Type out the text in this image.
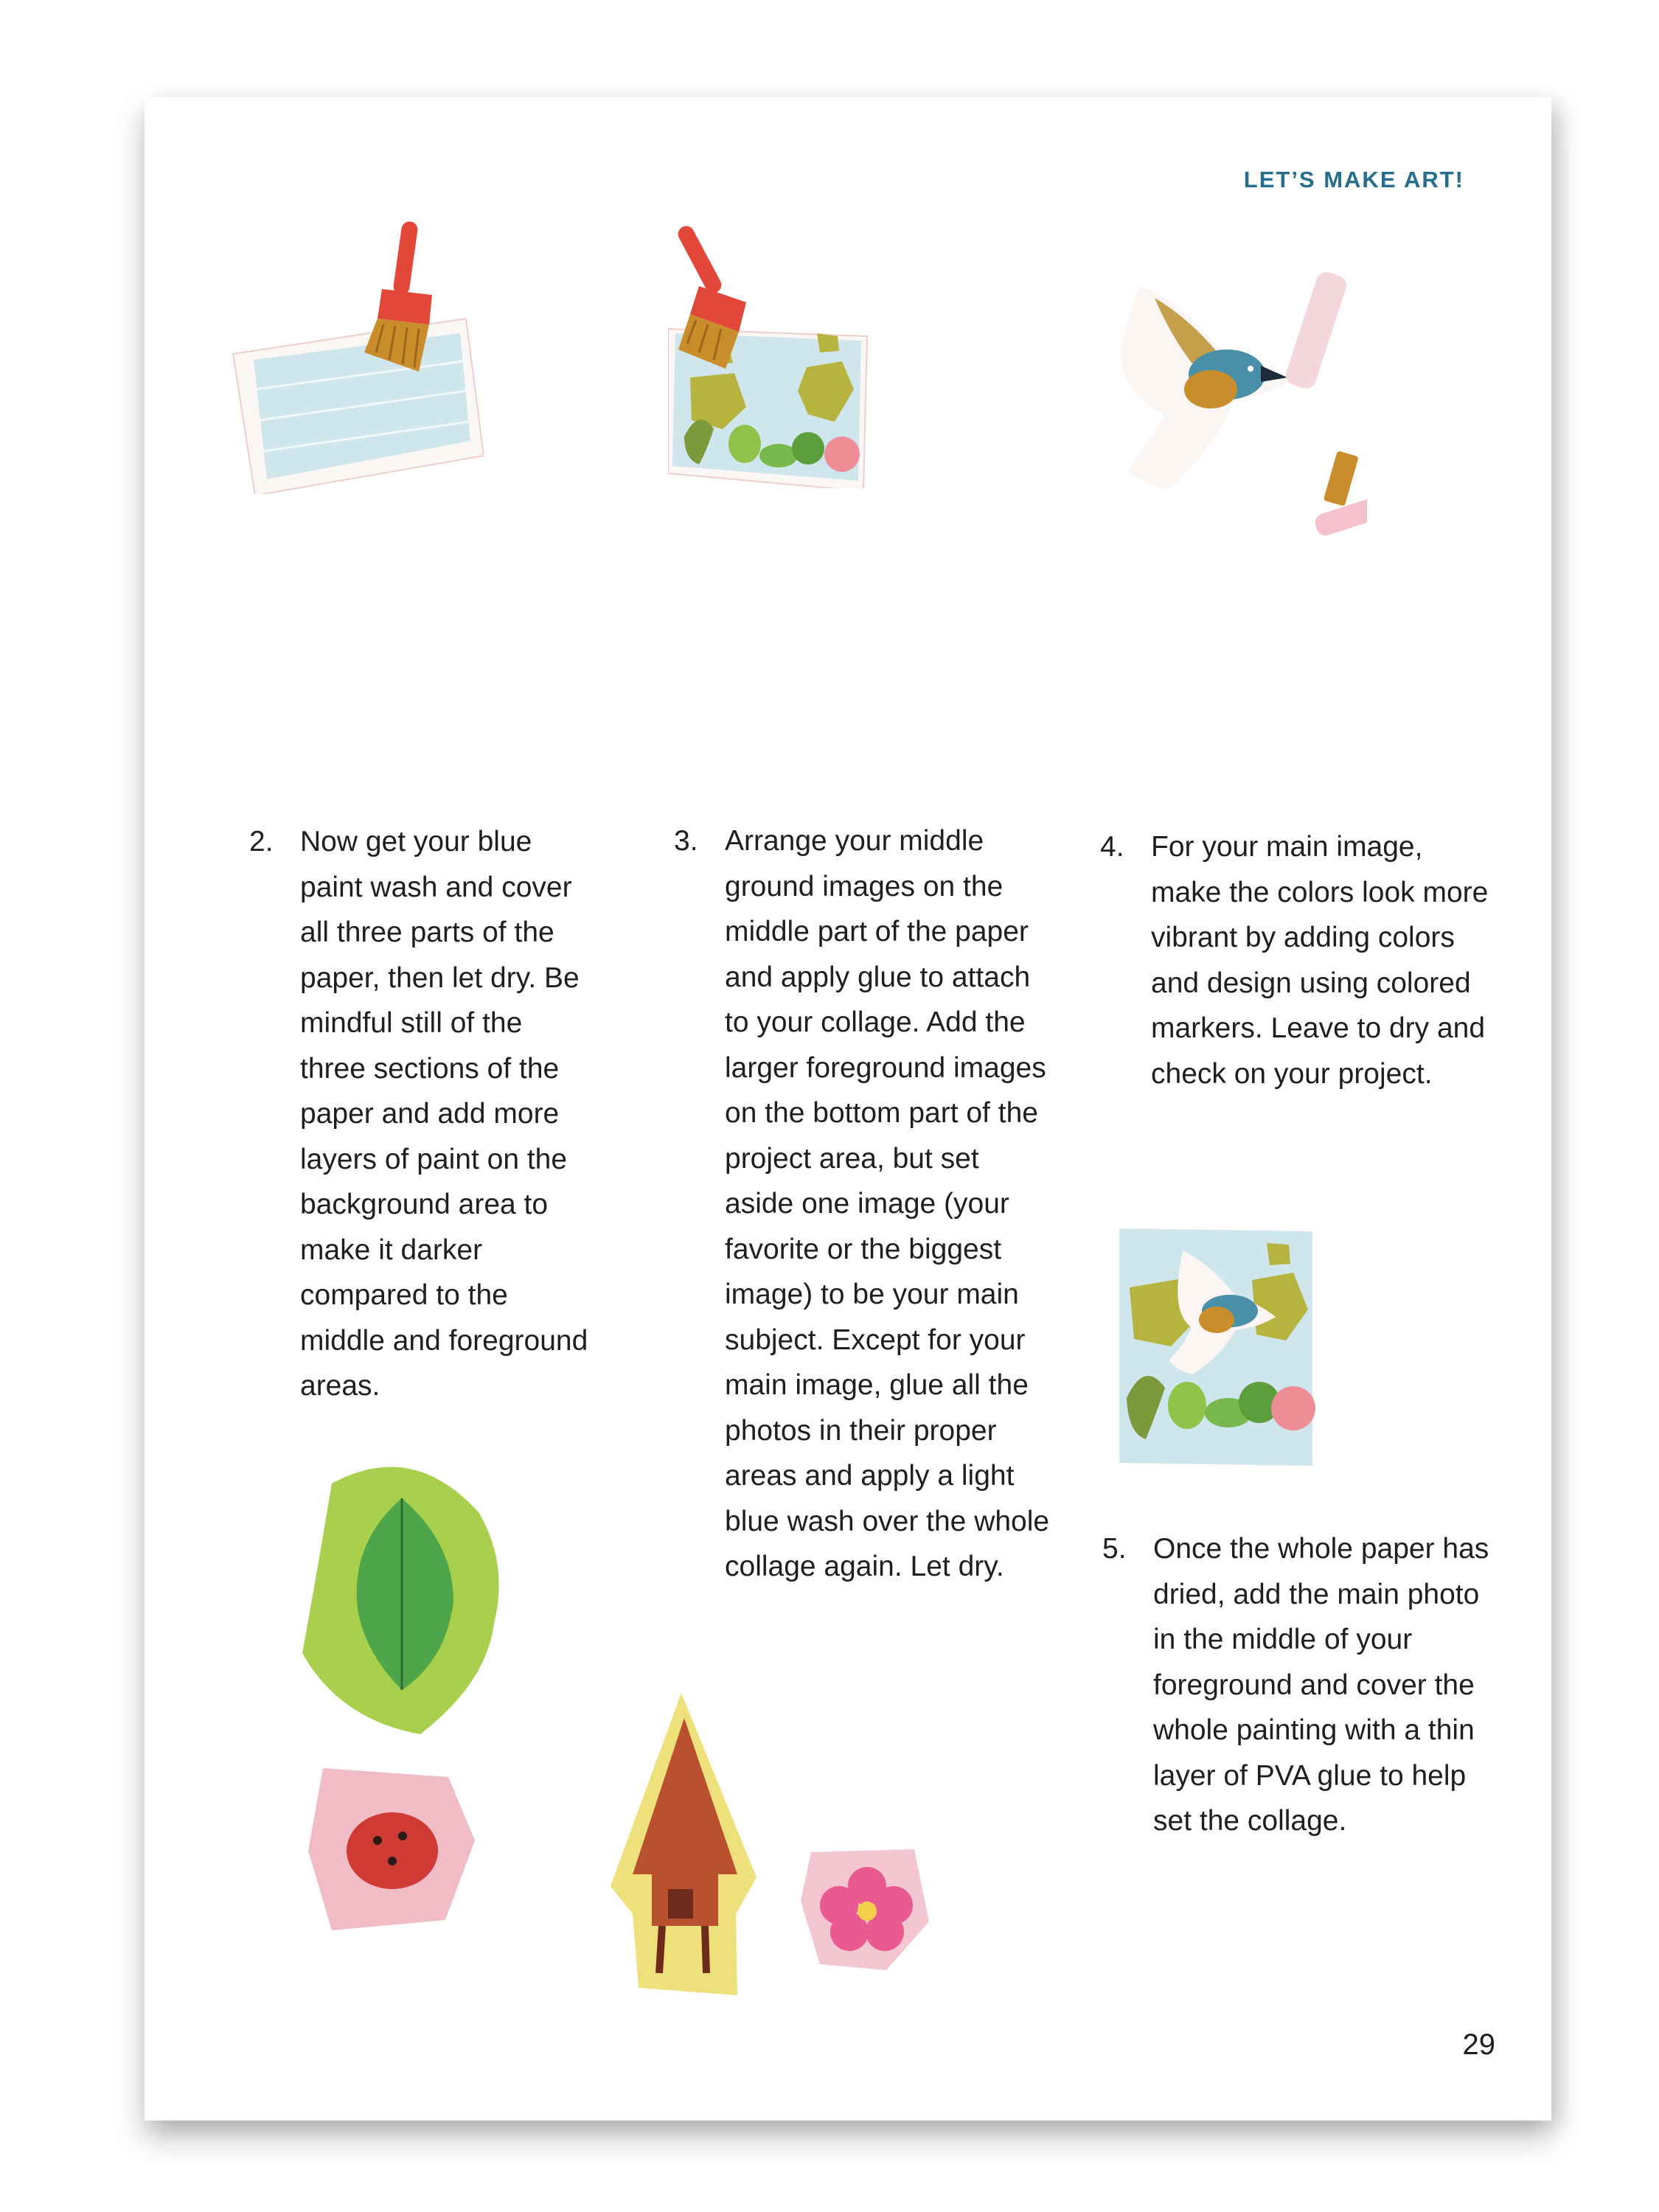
LET’S MAKE ART!
2. Now get your blue paint wash and cover all three parts of the paper, then let dry. Be mindful still of the three sections of the paper and add more layers of paint on the background area to make it darker compared to the middle and foreground areas.
3. Arrange your middle ground images on the middle part of the paper and apply glue to attach to your collage. Add the larger foreground images on the bottom part of the project area, but set aside one image (your favorite or the biggest image) to be your main subject. Except for your main image, glue all the photos in their proper areas and apply a light blue wash over the whole collage again. Let dry.
4. For your main image, make the colors look more vibrant by adding colors and design using colored markers. Leave to dry and check on your project.
5. Once the whole paper has dried, add the main photo in the middle of your foreground and cover the whole painting with a thin layer of PVA glue to help set the collage.
29
